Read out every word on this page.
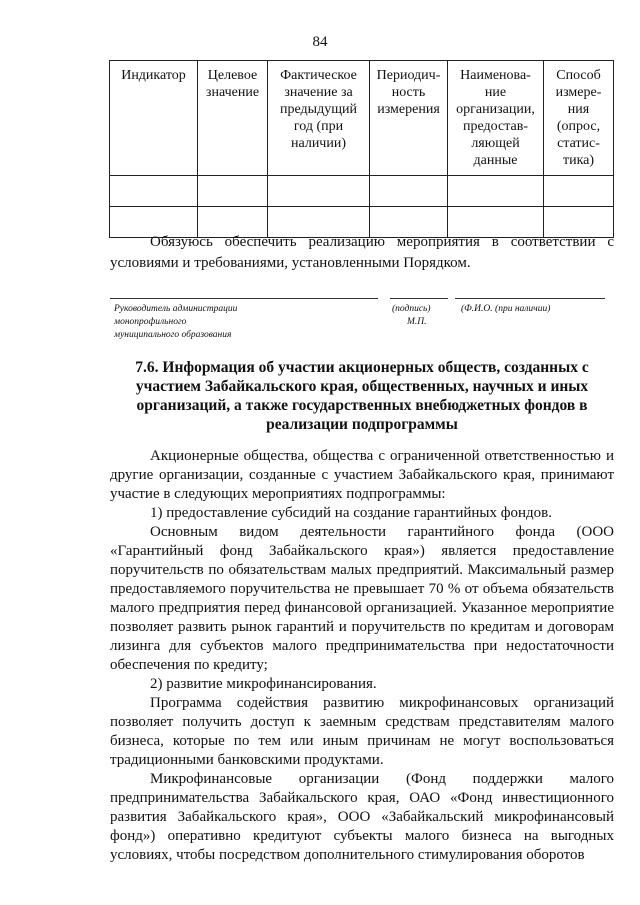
84
Индикатор	Целевое значение	Фактическое значение за предыдущий год (при наличии)	Периодич-ность измерения	Наименова-ние организации, предостав-ляющей данные	Способ измере-ния (опрос, статис-тика)

Обязуюсь обеспечить реализацию мероприятия в соответствии с условиями и требованиями, установленными Порядком.
Руководитель администрации
монопрофильного
муниципального образования
(подпись)	(Ф.И.О. (при наличии)
М.П.
7.6. Информация об участии акционерных обществ, созданных с участием Забайкальского края, общественных, научных и иных организаций, а также государственных внебюджетных фондов в реализации подпрограммы

Акционерные общества, общества с ограниченной ответственностью и другие организации, созданные с участием Забайкальского края, принимают участие в следующих мероприятиях подпрограммы:

1) предоставление субсидий на создание гарантийных фондов.

Основным видом деятельности гарантийного фонда (ООО «Гарантийный фонд Забайкальского края») является предоставление поручительств по обязательствам малых предприятий. Максимальный размер предоставляемого поручительства не превышает 70 % от объема обязательств малого предприятия перед финансовой организацией. Указанное мероприятие позволяет развить рынок гарантий и поручительств по кредитам и договорам лизинга для субъектов малого предпринимательства при недостаточности обеспечения по кредиту;

2) развитие микрофинансирования.

Программа содействия развитию микрофинансовых организаций позволяет получить доступ к заемным средствам представителям малого бизнеса, которые по тем или иным причинам не могут воспользоваться традиционными банковскими продуктами.

Микрофинансовые организации (Фонд поддержки малого предпринимательства Забайкальского края, ОАО «Фонд инвестиционного развития Забайкальского края», ООО «Забайкальский микрофинансовый фонд») оперативно кредитуют субъекты малого бизнеса на выгодных условиях, чтобы посредством дополнительного стимулирования оборотов
